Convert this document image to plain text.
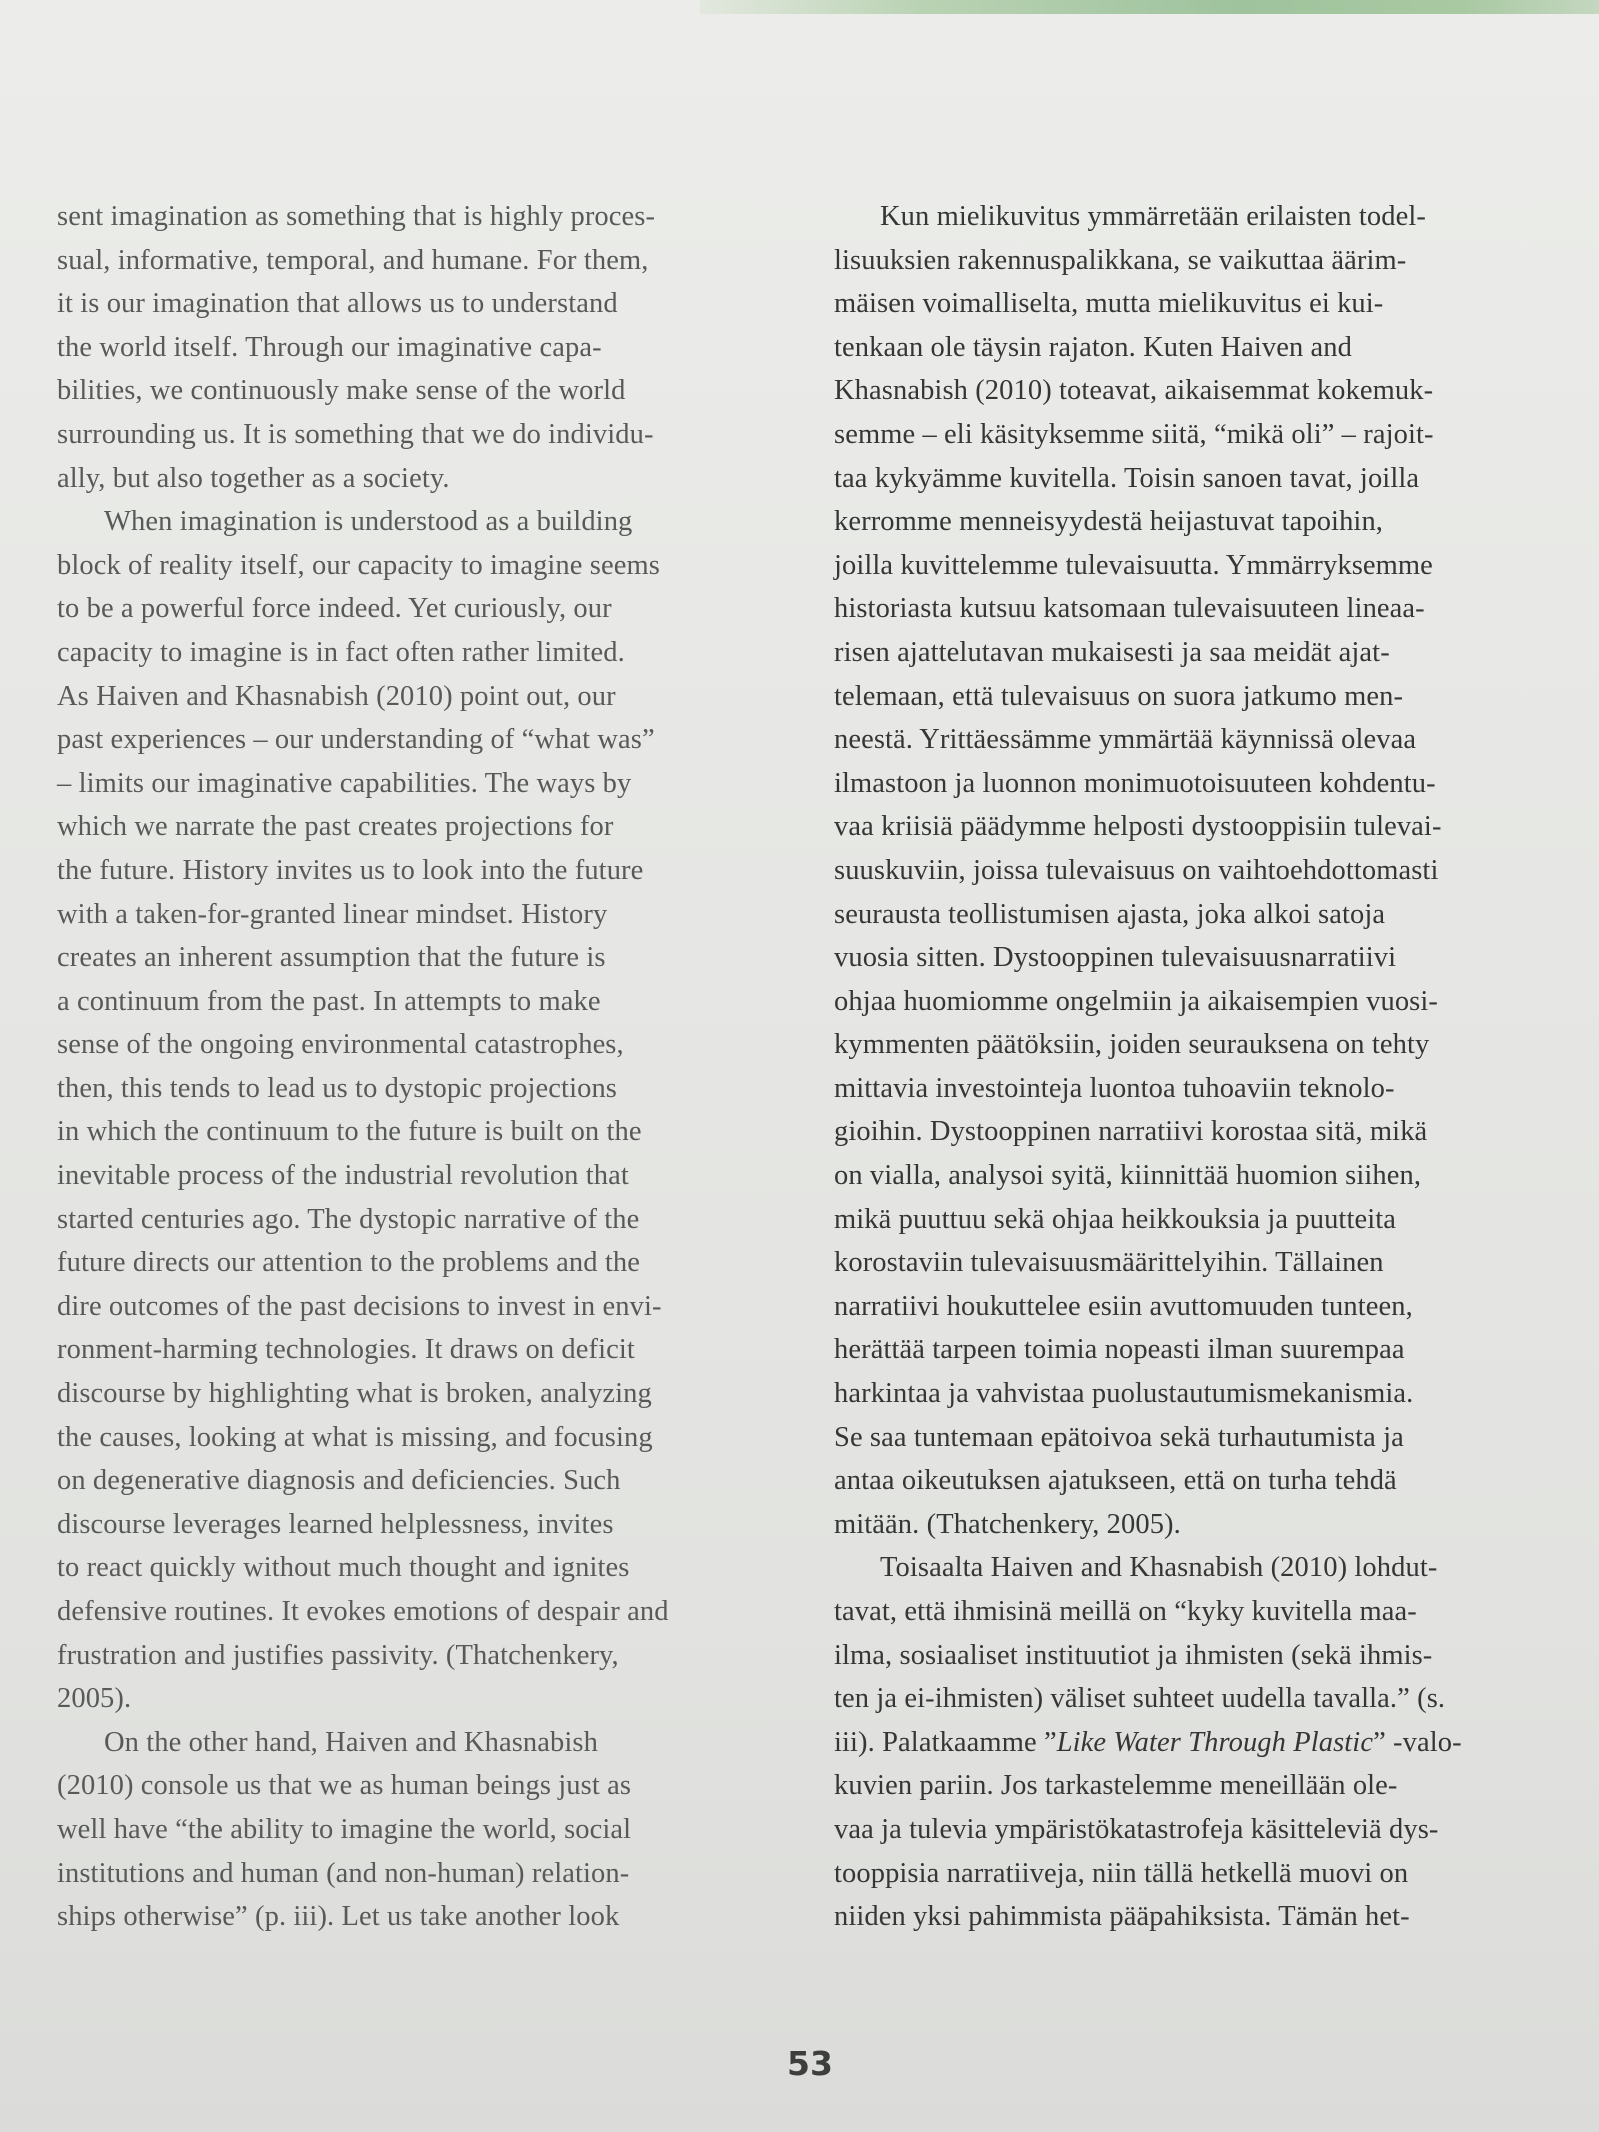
sent imagination as something that is highly proces-
sual, informative, temporal, and humane. For them,
it is our imagination that allows us to understand
the world itself. Through our imaginative capa-
bilities, we continuously make sense of the world
surrounding us. It is something that we do individu-
ally, but also together as a society.
When imagination is understood as a building
block of reality itself, our capacity to imagine seems
to be a powerful force indeed. Yet curiously, our
capacity to imagine is in fact often rather limited.
As Haiven and Khasnabish (2010) point out, our
past experiences – our understanding of “what was”
– limits our imaginative capabilities. The ways by
which we narrate the past creates projections for
the future. History invites us to look into the future
with a taken-for-granted linear mindset. History
creates an inherent assumption that the future is
a continuum from the past. In attempts to make
sense of the ongoing environmental catastrophes,
then, this tends to lead us to dystopic projections
in which the continuum to the future is built on the
inevitable process of the industrial revolution that
started centuries ago. The dystopic narrative of the
future directs our attention to the problems and the
dire outcomes of the past decisions to invest in envi-
ronment-harming technologies. It draws on deficit
discourse by highlighting what is broken, analyzing
the causes, looking at what is missing, and focusing
on degenerative diagnosis and deficiencies. Such
discourse leverages learned helplessness, invites
to react quickly without much thought and ignites
defensive routines. It evokes emotions of despair and
frustration and justifies passivity. (Thatchenkery,
2005).
On the other hand, Haiven and Khasnabish
(2010) console us that we as human beings just as
well have “the ability to imagine the world, social
institutions and human (and non-human) relation-
ships otherwise” (p. iii). Let us take another look
Kun mielikuvitus ymmärretään erilaisten todel-
lisuuksien rakennuspalikkana, se vaikuttaa äärim-
mäisen voimalliselta, mutta mielikuvitus ei kui-
tenkaan ole täysin rajaton. Kuten Haiven and
Khasnabish (2010) toteavat, aikaisemmat kokemuk-
semme – eli käsityksemme siitä, “mikä oli” – rajoit-
taa kykyämme kuvitella. Toisin sanoen tavat, joilla
kerromme menneisyydestä heijastuvat tapoihin,
joilla kuvittelemme tulevaisuutta. Ymmärryksemme
historiasta kutsuu katsomaan tulevaisuuteen lineaa-
risen ajattelutavan mukaisesti ja saa meidät ajat-
telemaan, että tulevaisuus on suora jatkumo men-
neestä. Yrittäessämme ymmärtää käynnissä olevaa
ilmastoon ja luonnon monimuotoisuuteen kohdentu-
vaa kriisiä päädymme helposti dystooppisiin tulevai-
suuskuviin, joissa tulevaisuus on vaihtoehdottomasti
seurausta teollistumisen ajasta, joka alkoi satoja
vuosia sitten. Dystooppinen tulevaisuusnarratiivi
ohjaa huomiomme ongelmiin ja aikaisempien vuosi-
kymmenten päätöksiin, joiden seurauksena on tehty
mittavia investointeja luontoa tuhoaviin teknolo-
gioihin. Dystooppinen narratiivi korostaa sitä, mikä
on vialla, analysoi syitä, kiinnittää huomion siihen,
mikä puuttuu sekä ohjaa heikkouksia ja puutteita
korostaviin tulevaisuusmäärittelyihin. Tällainen
narratiivi houkuttelee esiin avuttomuuden tunteen,
herättää tarpeen toimia nopeasti ilman suurempaa
harkintaa ja vahvistaa puolustautumismekanismia.
Se saa tuntemaan epätoivoa sekä turhautumista ja
antaa oikeutuksen ajatukseen, että on turha tehdä
mitään. (Thatchenkery, 2005).
Toisaalta Haiven and Khasnabish (2010) lohdut-
tavat, että ihmisinä meillä on “kyky kuvitella maa-
ilma, sosiaaliset instituutiot ja ihmisten (sekä ihmis-
ten ja ei-ihmisten) väliset suhteet uudella tavalla.” (s.
iii). Palatkaamme ”Like Water Through Plastic” -valo-
kuvien pariin. Jos tarkastelemme meneillään ole-
vaa ja tulevia ympäristökatastrofeja käsitteleviä dys-
tooppisia narratiiveja, niin tällä hetkellä muovi on
niiden yksi pahimmista pääpahiksista. Tämän het-
53
